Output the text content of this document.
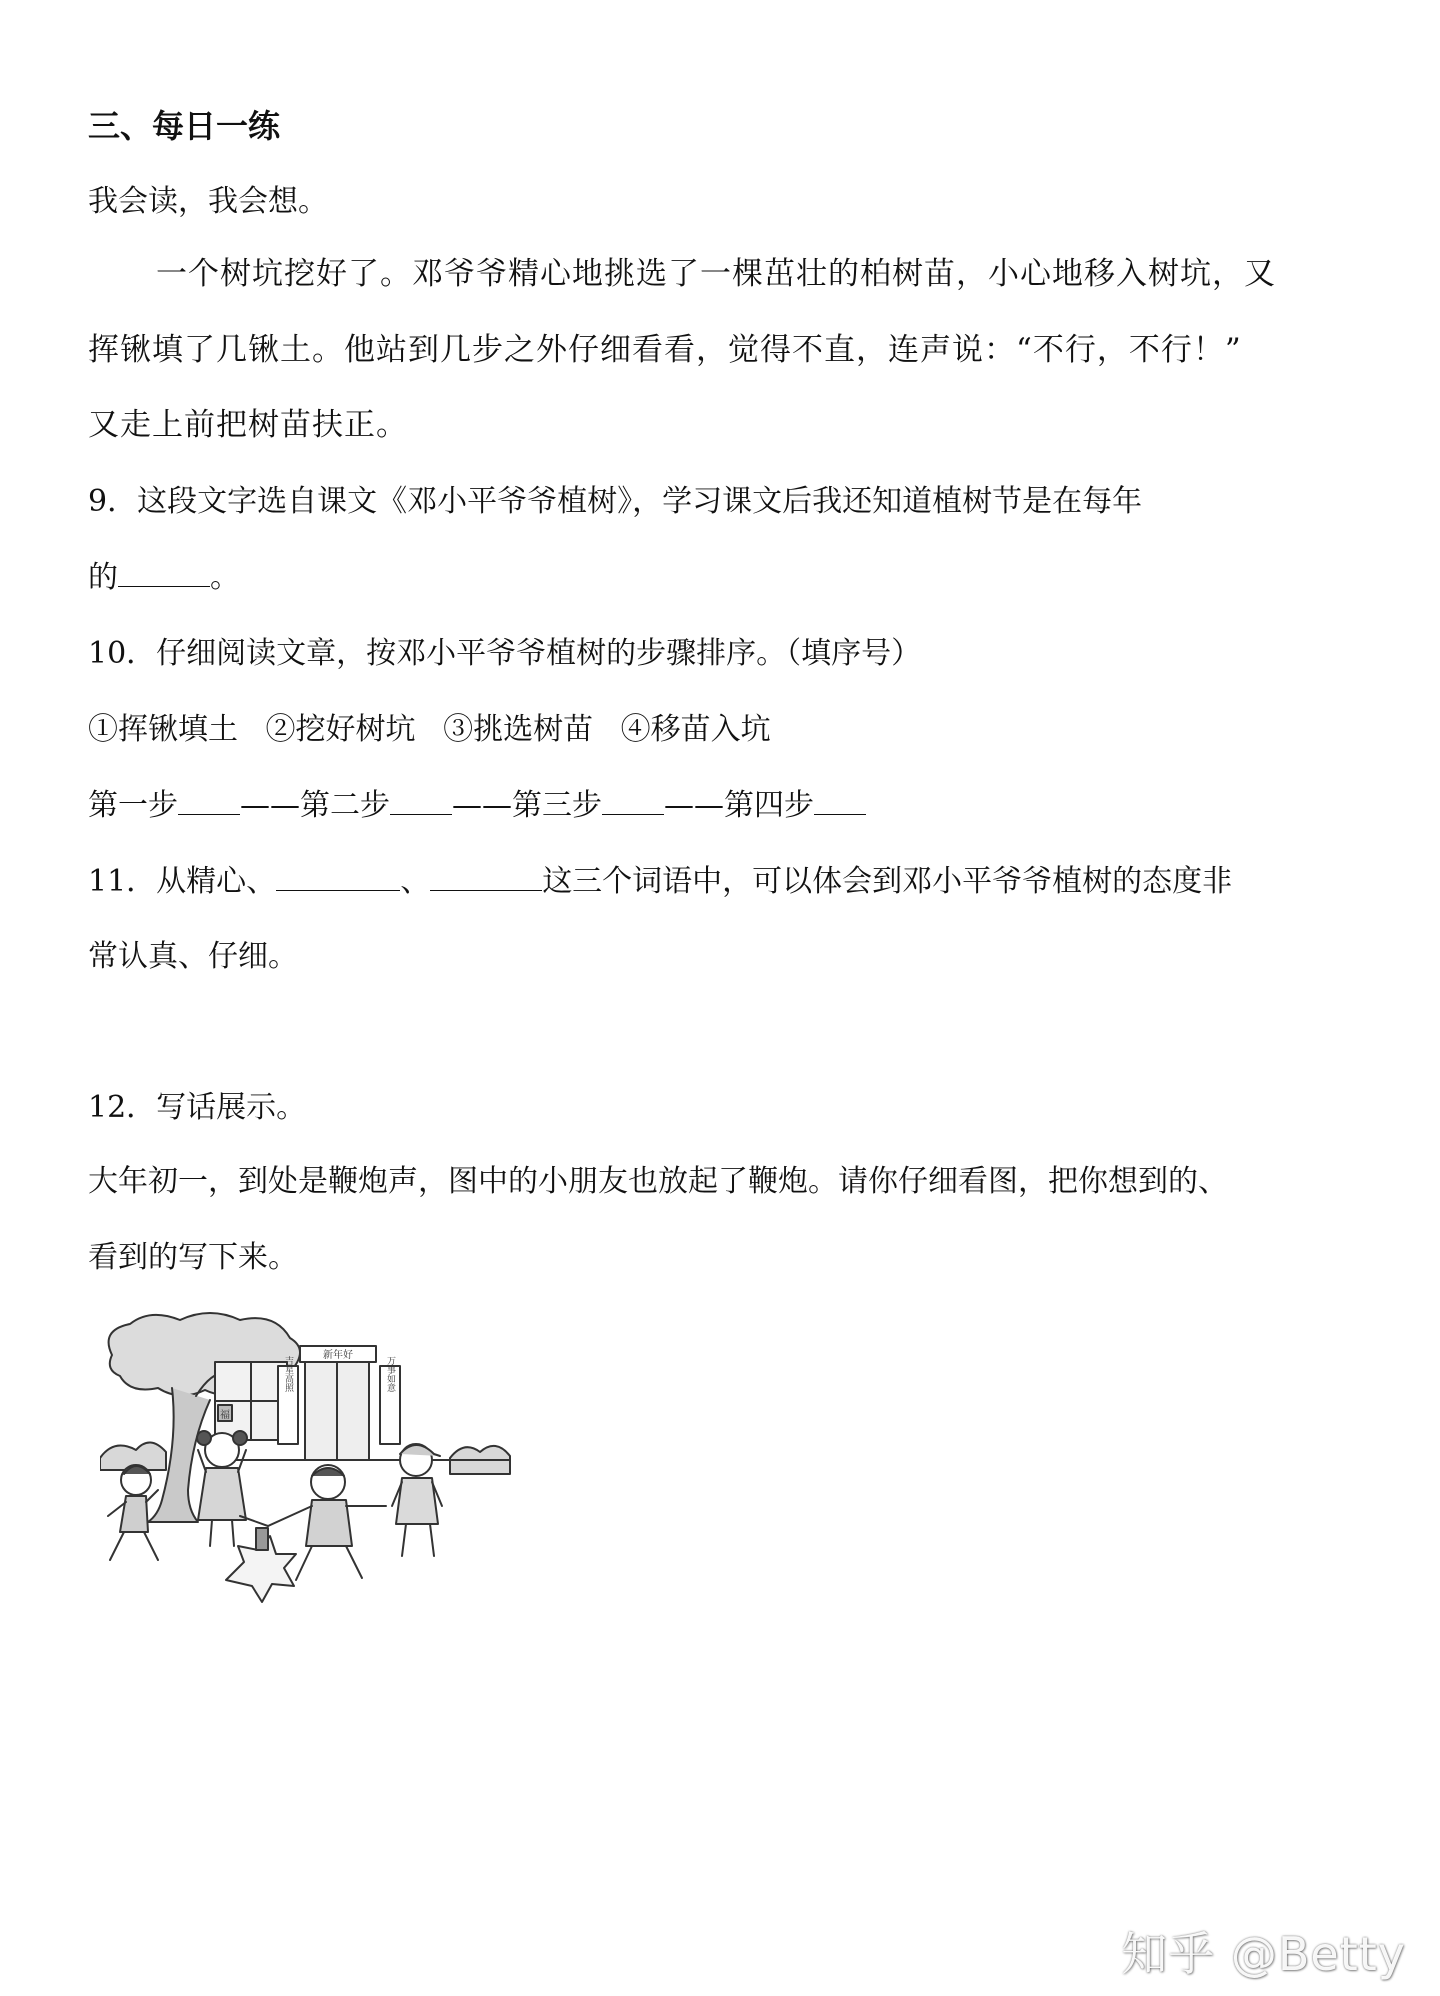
三、每日一练
我会读，我会想。
一个树坑挖好了。邓爷爷精心地挑选了一棵茁壮的柏树苗，小心地移入树坑，又
挥锹填了几锹土。他站到几步之外仔细看看，觉得不直，连声说：“不行，不行！”
又走上前把树苗扶正。
9．这段文字选自课文《邓小平爷爷植树》，学习课文后我还知道植树节是在每年
的	。
10．仔细阅读文章，按邓小平爷爷植树的步骤排序。（填序号）
①挥锹填土 ②挖好树坑 ③挑选树苗 ④移苗入坑
第一步 ——第二步 ——第三步 ——第四步
11．从精心、	、	这三个词语中，可以体会到邓小平爷爷植树的态度非
常认真、仔细。
12．写话展示。
大年初一，到处是鞭炮声，图中的小朋友也放起了鞭炮。请你仔细看图，把你想到的、
看到的写下来。
新年好
福
吉星高照	万事如意
知乎 @Betty
